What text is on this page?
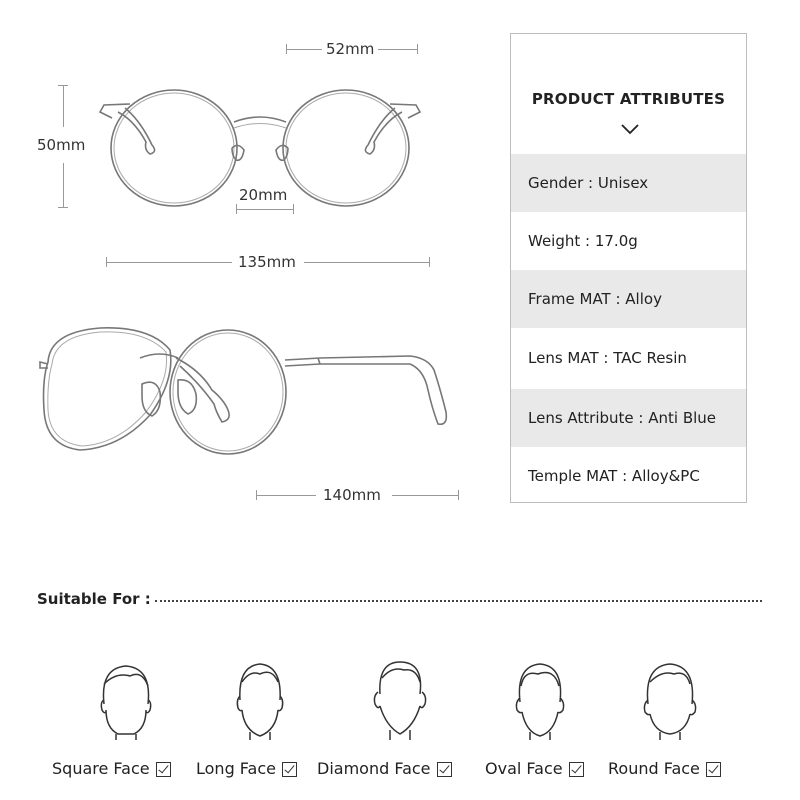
52mm
50mm
20mm
135mm
140mm
PRODUCT ATTRIBUTES
Gender : Unisex
Weight : 17.0g
Frame MAT : Alloy
Lens MAT : TAC Resin
Lens Attribute : Anti Blue
Temple MAT : Alloy&PC
Suitable For :
Square Face	Long Face	Diamond Face	Oval Face	Round Face
